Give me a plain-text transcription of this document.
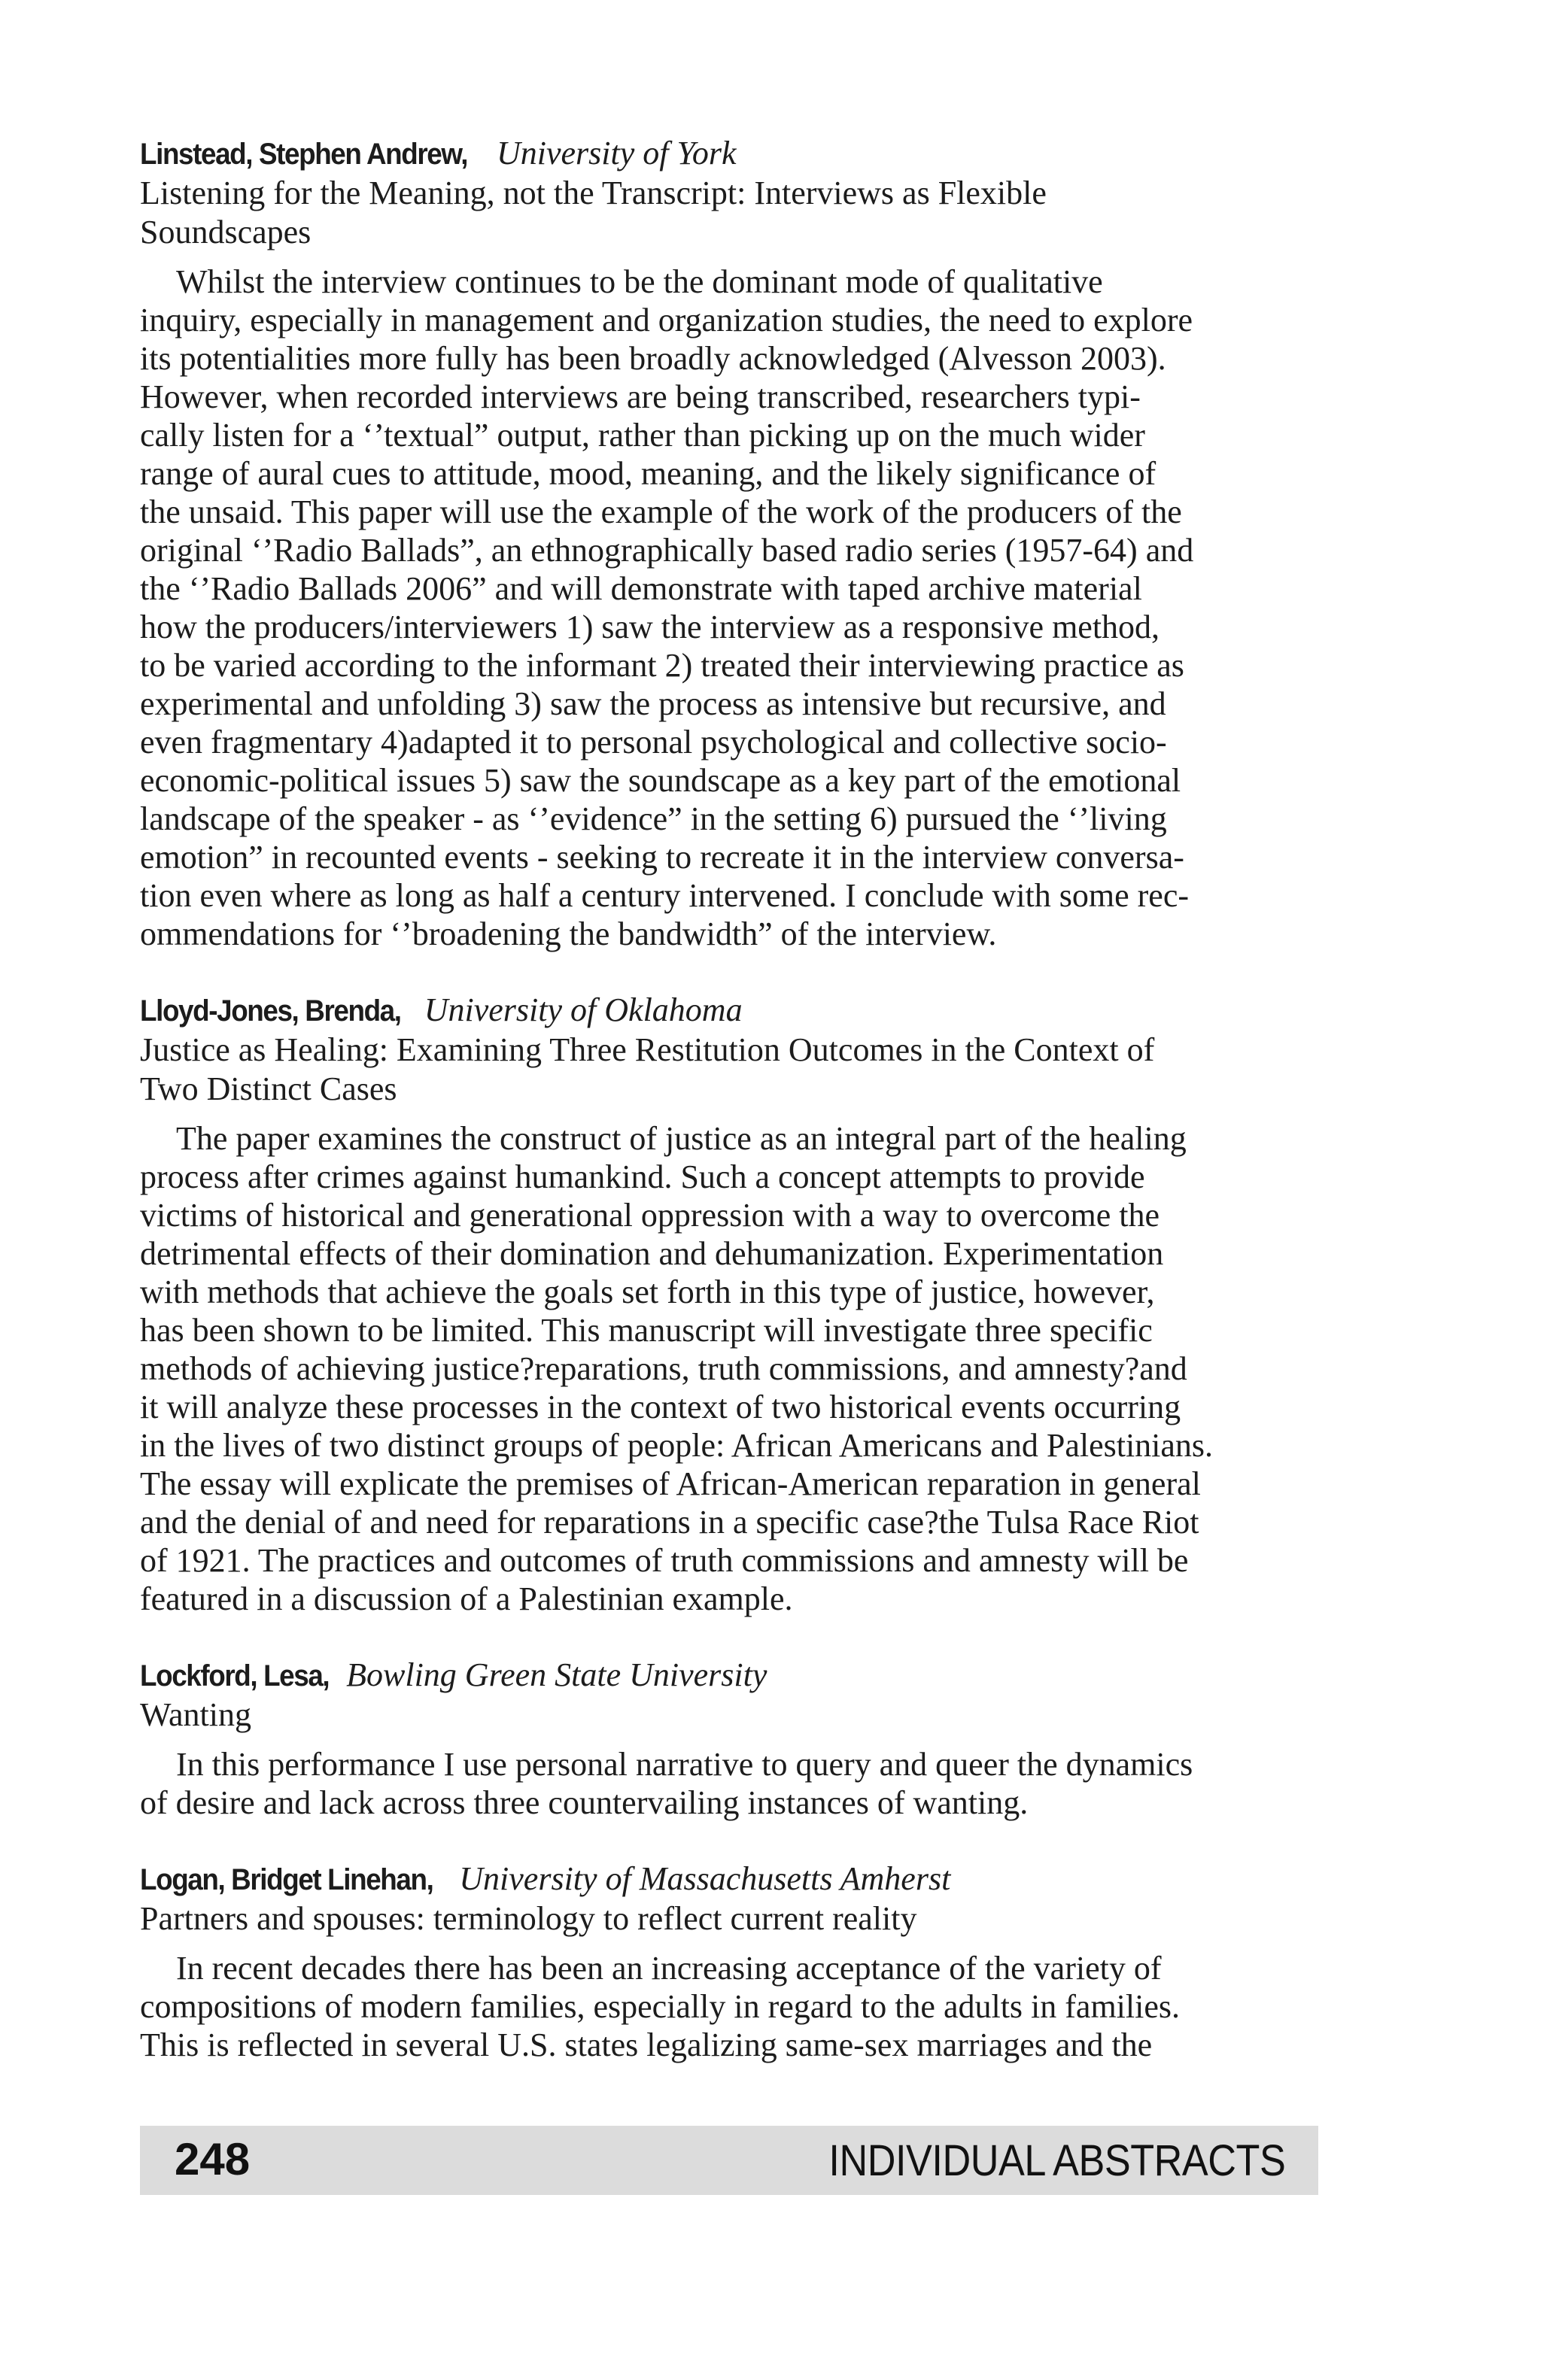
Linstead, Stephen Andrew, University of York

Listening for the Meaning, not the Transcript: Interviews as Flexible
Soundscapes

Whilst the interview continues to be the dominant mode of qualitative
inquiry, especially in management and organization studies, the need to explore
its potentialities more fully has been broadly acknowledged (Alvesson 2003).
However, when recorded interviews are being transcribed, researchers typi-
cally listen for a ‘’textual” output, rather than picking up on the much wider
range of aural cues to attitude, mood, meaning, and the likely significance of
the unsaid. This paper will use the example of the work of the producers of the
original ‘’Radio Ballads”, an ethnographically based radio series (1957-64) and
the ‘’Radio Ballads 2006” and will demonstrate with taped archive material
how the producers/interviewers 1) saw the interview as a responsive method,
to be varied according to the informant 2) treated their interviewing practice as
experimental and unfolding 3) saw the process as intensive but recursive, and
even fragmentary 4)adapted it to personal psychological and collective socio-
economic-political issues 5) saw the soundscape as a key part of the emotional
landscape of the speaker - as ‘’evidence” in the setting 6) pursued the ‘’living
emotion” in recounted events - seeking to recreate it in the interview conversa-
tion even where as long as half a century intervened. I conclude with some rec-
ommendations for ‘’broadening the bandwidth” of the interview.

Lloyd-Jones, Brenda, University of Oklahoma

Justice as Healing: Examining Three Restitution Outcomes in the Context of
Two Distinct Cases

The paper examines the construct of justice as an integral part of the healing
process after crimes against humankind. Such a concept attempts to provide
victims of historical and generational oppression with a way to overcome the
detrimental effects of their domination and dehumanization. Experimentation
with methods that achieve the goals set forth in this type of justice, however,
has been shown to be limited. This manuscript will investigate three specific
methods of achieving justice?reparations, truth commissions, and amnesty?and
it will analyze these processes in the context of two historical events occurring
in the lives of two distinct groups of people: African Americans and Palestinians.
The essay will explicate the premises of African-American reparation in general
and the denial of and need for reparations in a specific case?the Tulsa Race Riot
of 1921. The practices and outcomes of truth commissions and amnesty will be
featured in a discussion of a Palestinian example.

Lockford, Lesa, Bowling Green State University

Wanting

In this performance I use personal narrative to query and queer the dynamics
of desire and lack across three countervailing instances of wanting.

Logan, Bridget Linehan, University of Massachusetts Amherst

Partners and spouses: terminology to reflect current reality

In recent decades there has been an increasing acceptance of the variety of
compositions of modern families, especially in regard to the adults in families.
This is reflected in several U.S. states legalizing same-sex marriages and the

248	INDIVIDUAL ABSTRACTS
